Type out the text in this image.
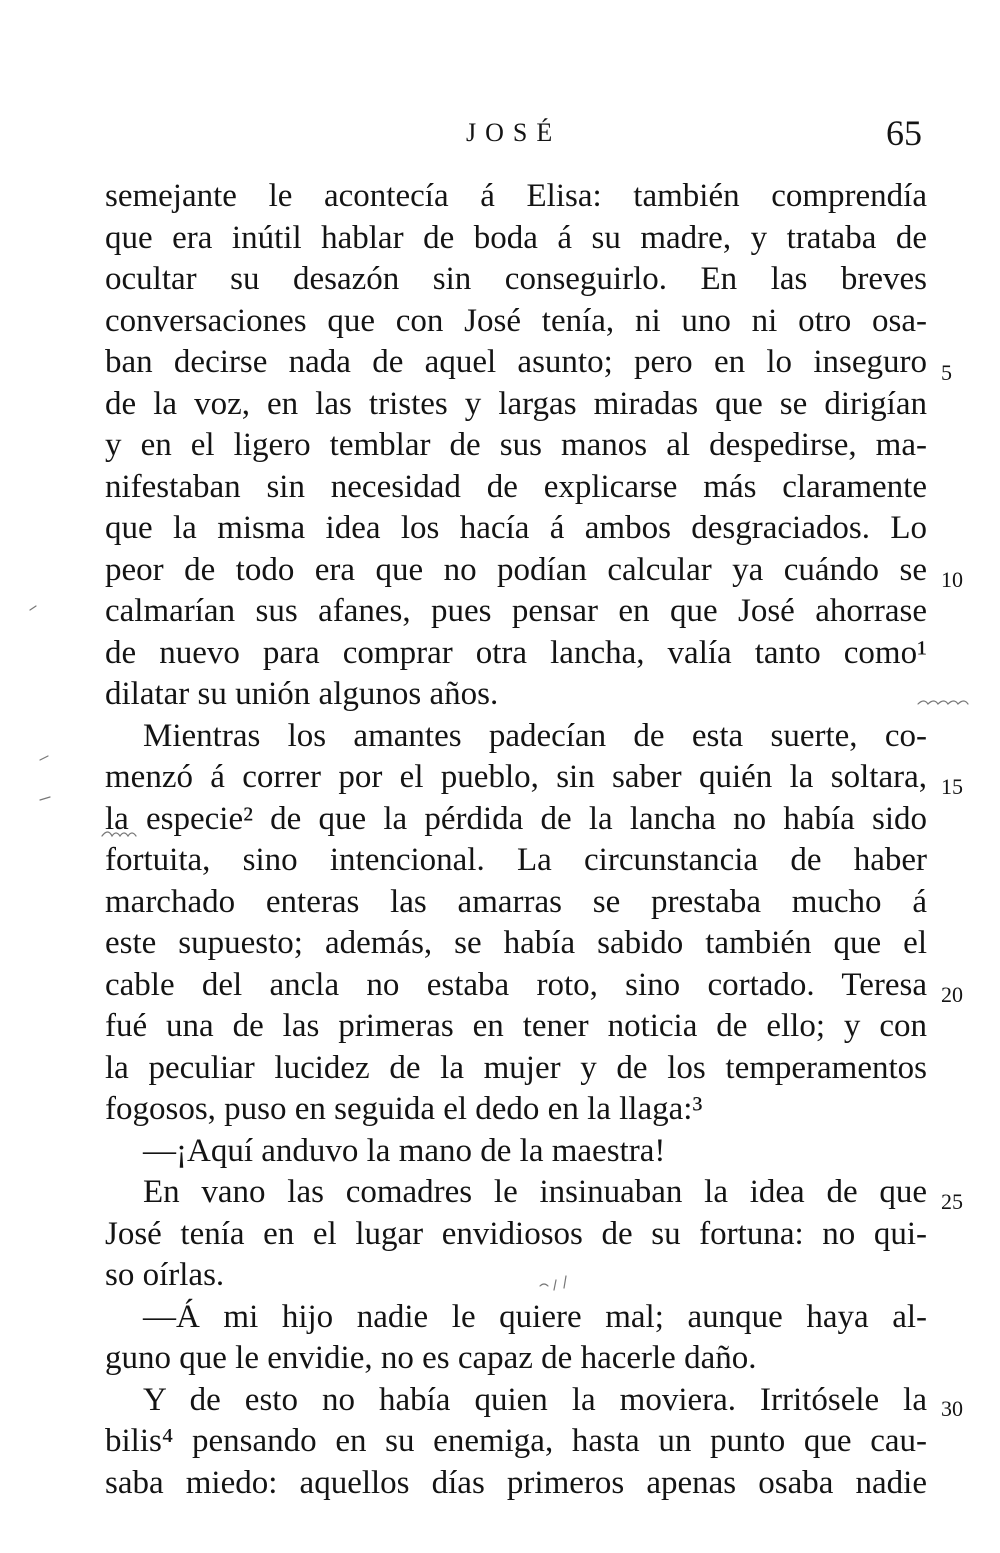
JOSÉ	65
semejante le acontecía á Elisa: también comprendía
que era inútil hablar de boda á su madre, y trataba de
ocultar su desazón sin conseguirlo. En las breves
conversaciones que con José tenía, ni uno ni otro osa-
ban decirse nada de aquel asunto; pero en lo inseguro
de la voz, en las tristes y largas miradas que se dirigían
y en el ligero temblar de sus manos al despedirse, ma-
nifestaban sin necesidad de explicarse más claramente
que la misma idea los hacía á ambos desgraciados. Lo
peor de todo era que no podían calcular ya cuándo se
calmarían sus afanes, pues pensar en que José ahorrase
de nuevo para comprar otra lancha, valía tanto como¹
dilatar su unión algunos años.
Mientras los amantes padecían de esta suerte, co-
menzó á correr por el pueblo, sin saber quién la soltara,
la especie² de que la pérdida de la lancha no había sido
fortuita, sino intencional. La circunstancia de haber
marchado enteras las amarras se prestaba mucho á
este supuesto; además, se había sabido también que el
cable del ancla no estaba roto, sino cortado. Teresa
fué una de las primeras en tener noticia de ello; y con
la peculiar lucidez de la mujer y de los temperamentos
fogosos, puso en seguida el dedo en la llaga:³
—¡Aquí anduvo la mano de la maestra!
En vano las comadres le insinuaban la idea de que
José tenía en el lugar envidiosos de su fortuna: no qui-
so oírlas.
—Á mi hijo nadie le quiere mal; aunque haya al-
guno que le envidie, no es capaz de hacerle daño.
Y de esto no había quien la moviera. Irritósele la
bilis⁴ pensando en su enemiga, hasta un punto que cau-
saba miedo: aquellos días primeros apenas osaba nadie
5
10
15
20
25
30
